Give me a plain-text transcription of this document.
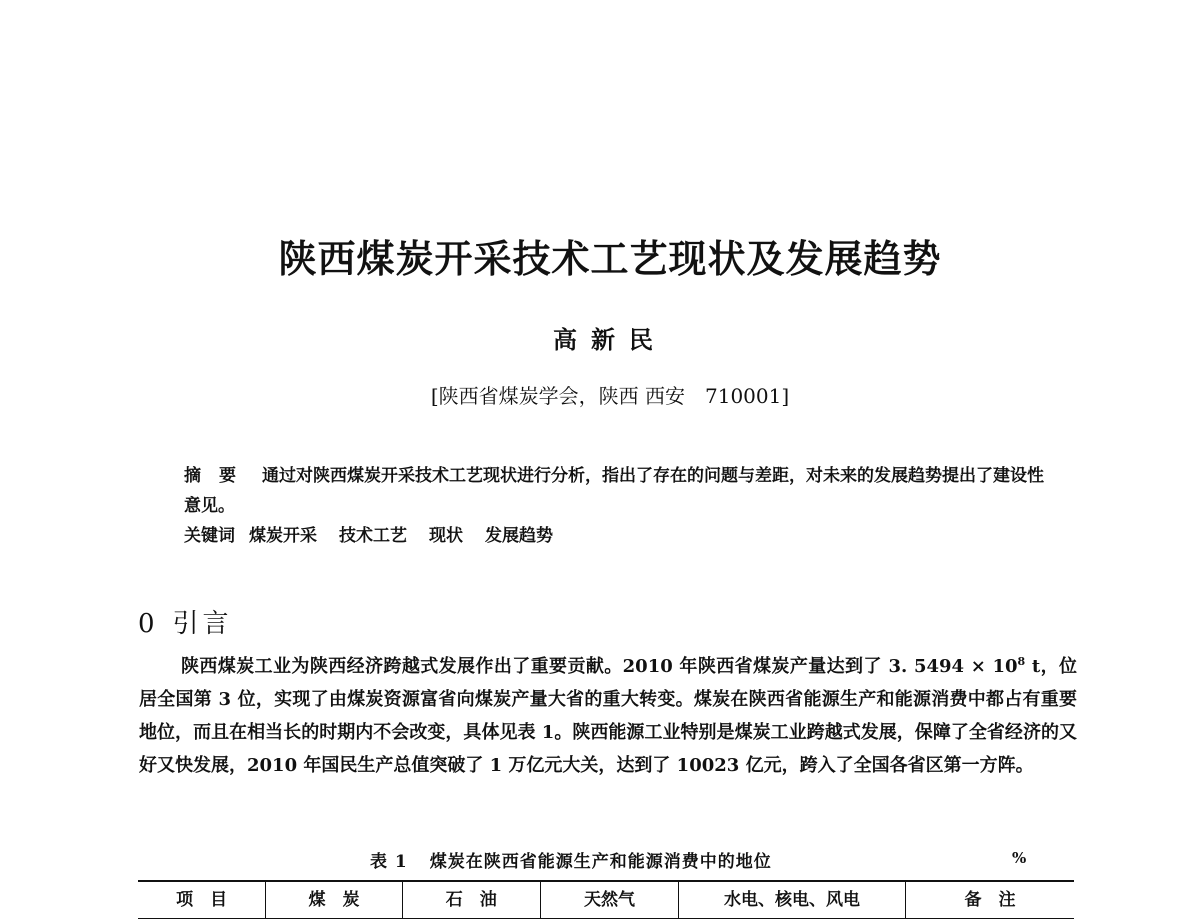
陕西煤炭开采技术工艺现状及发展趋势
高新民
[陕西省煤炭学会，陕西 西安　710001]
摘要 通过对陕西煤炭开采技术工艺现状进行分析，指出了存在的问题与差距，对未来的发展趋势提出了建设性意见。
关键词 煤炭开采 技术工艺 现状 发展趋势
0 引言
陕西煤炭工业为陕西经济跨越式发展作出了重要贡献。2010 年陕西省煤炭产量达到了 3. $5494 \times 10^8$ t，位居全国第 3 位，实现了由煤炭资源富省向煤炭产量大省的重大转变。煤炭在陕西省能源生产和能源消费中都占有重要地位，而且在相当长的时期内不会改变，具体见表 1。陕西能源工业特别是煤炭工业跨越式发展，保障了全省经济的又好又快发展，2010 年国民生产总值突破了 1 万亿元大关，达到了 10023 亿元，跨入了全国各省区第一方阵。
表 1 煤炭在陕西省能源生产和能源消费中的地位	%
项　目	煤　炭	石　油	天然气	水电、核电、风电	备　注
